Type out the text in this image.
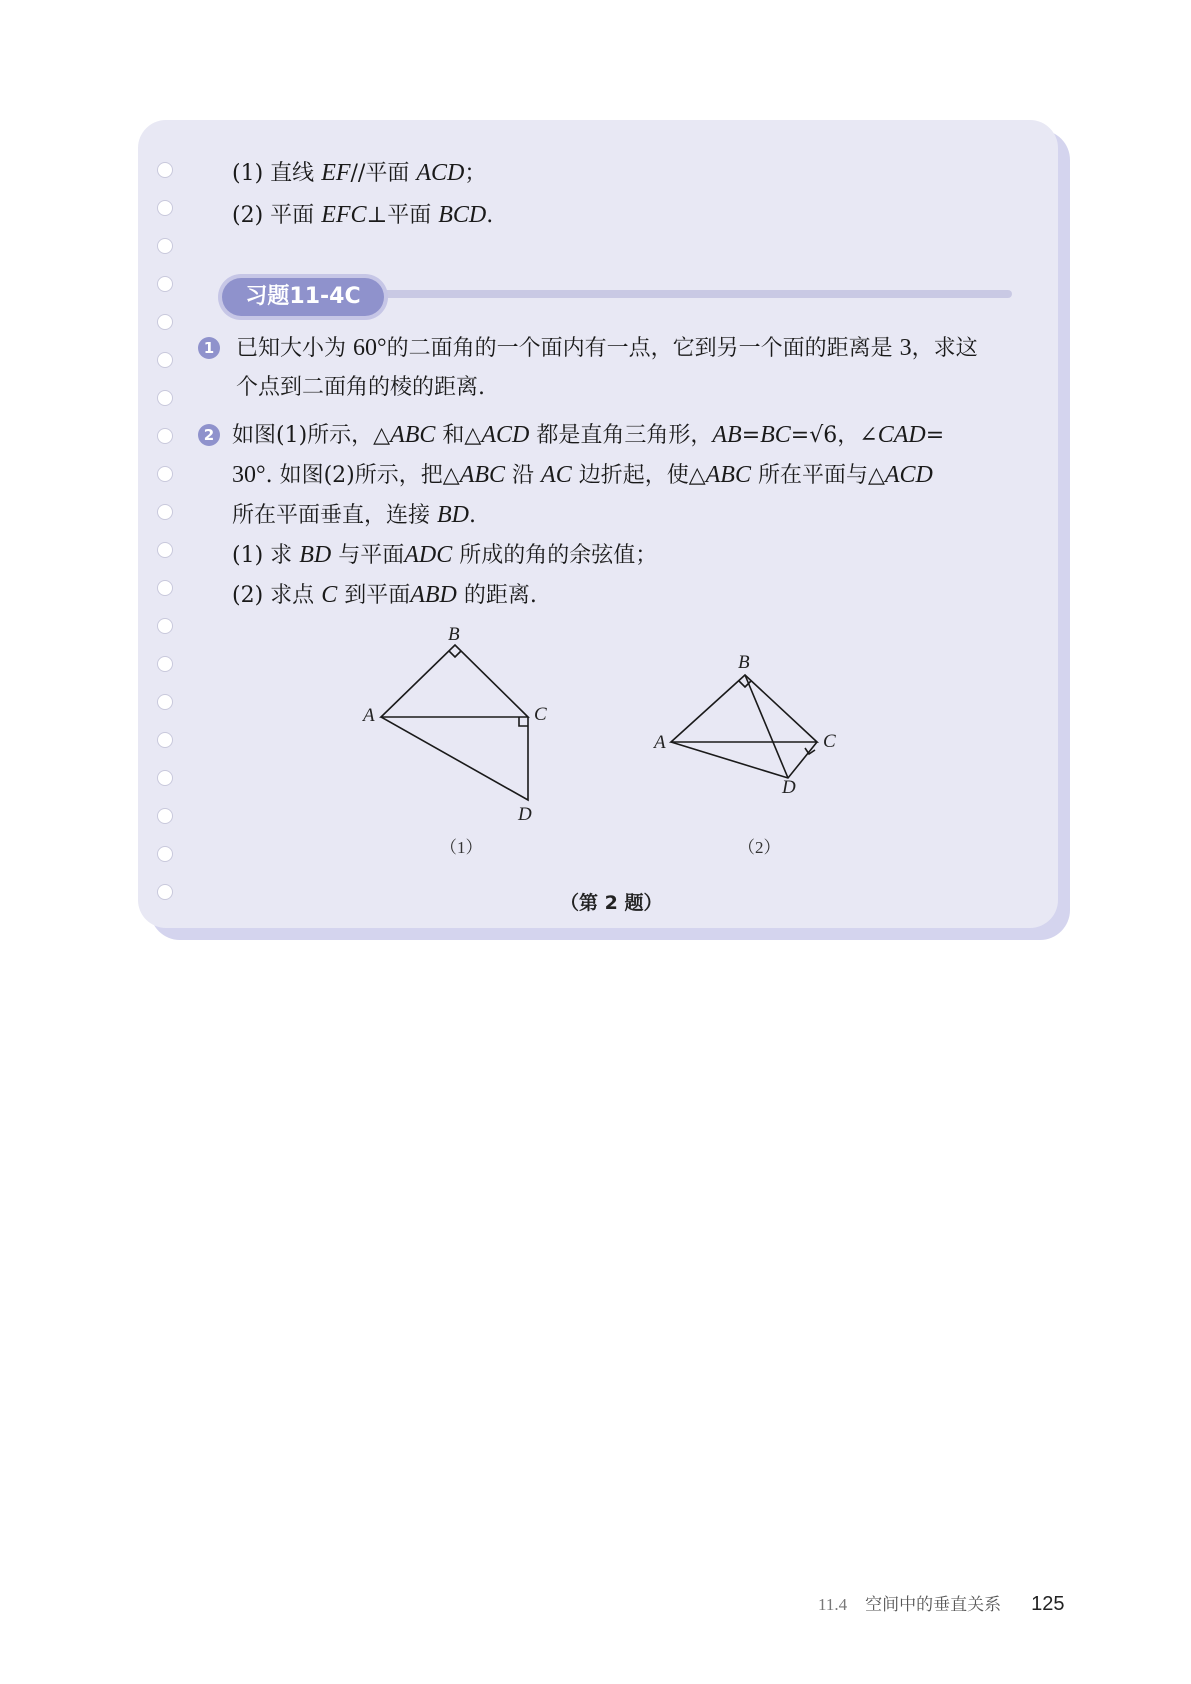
(1) 直线 EF//平面 ACD；
(2) 平面 EFC⊥平面 BCD.
习题11-4C
1 已知大小为 60°的二面角的一个面内有一点，它到另一个面的距离是 3，求这
个点到二面角的棱的距离.
2 如图(1)所示，△ABC 和△ACD 都是直角三角形，AB=BC=√6，∠CAD=
30°. 如图(2)所示，把△ABC 沿 AC 边折起，使△ABC 所在平面与△ACD
所在平面垂直，连接 BD.
(1) 求 BD 与平面ADC 所成的角的余弦值；
(2) 求点 C 到平面ABD 的距离.
B
A	C
D
（1）
B
A	C
D
（2）
（第 2 题）
11.4 空间中的垂直关系 125
